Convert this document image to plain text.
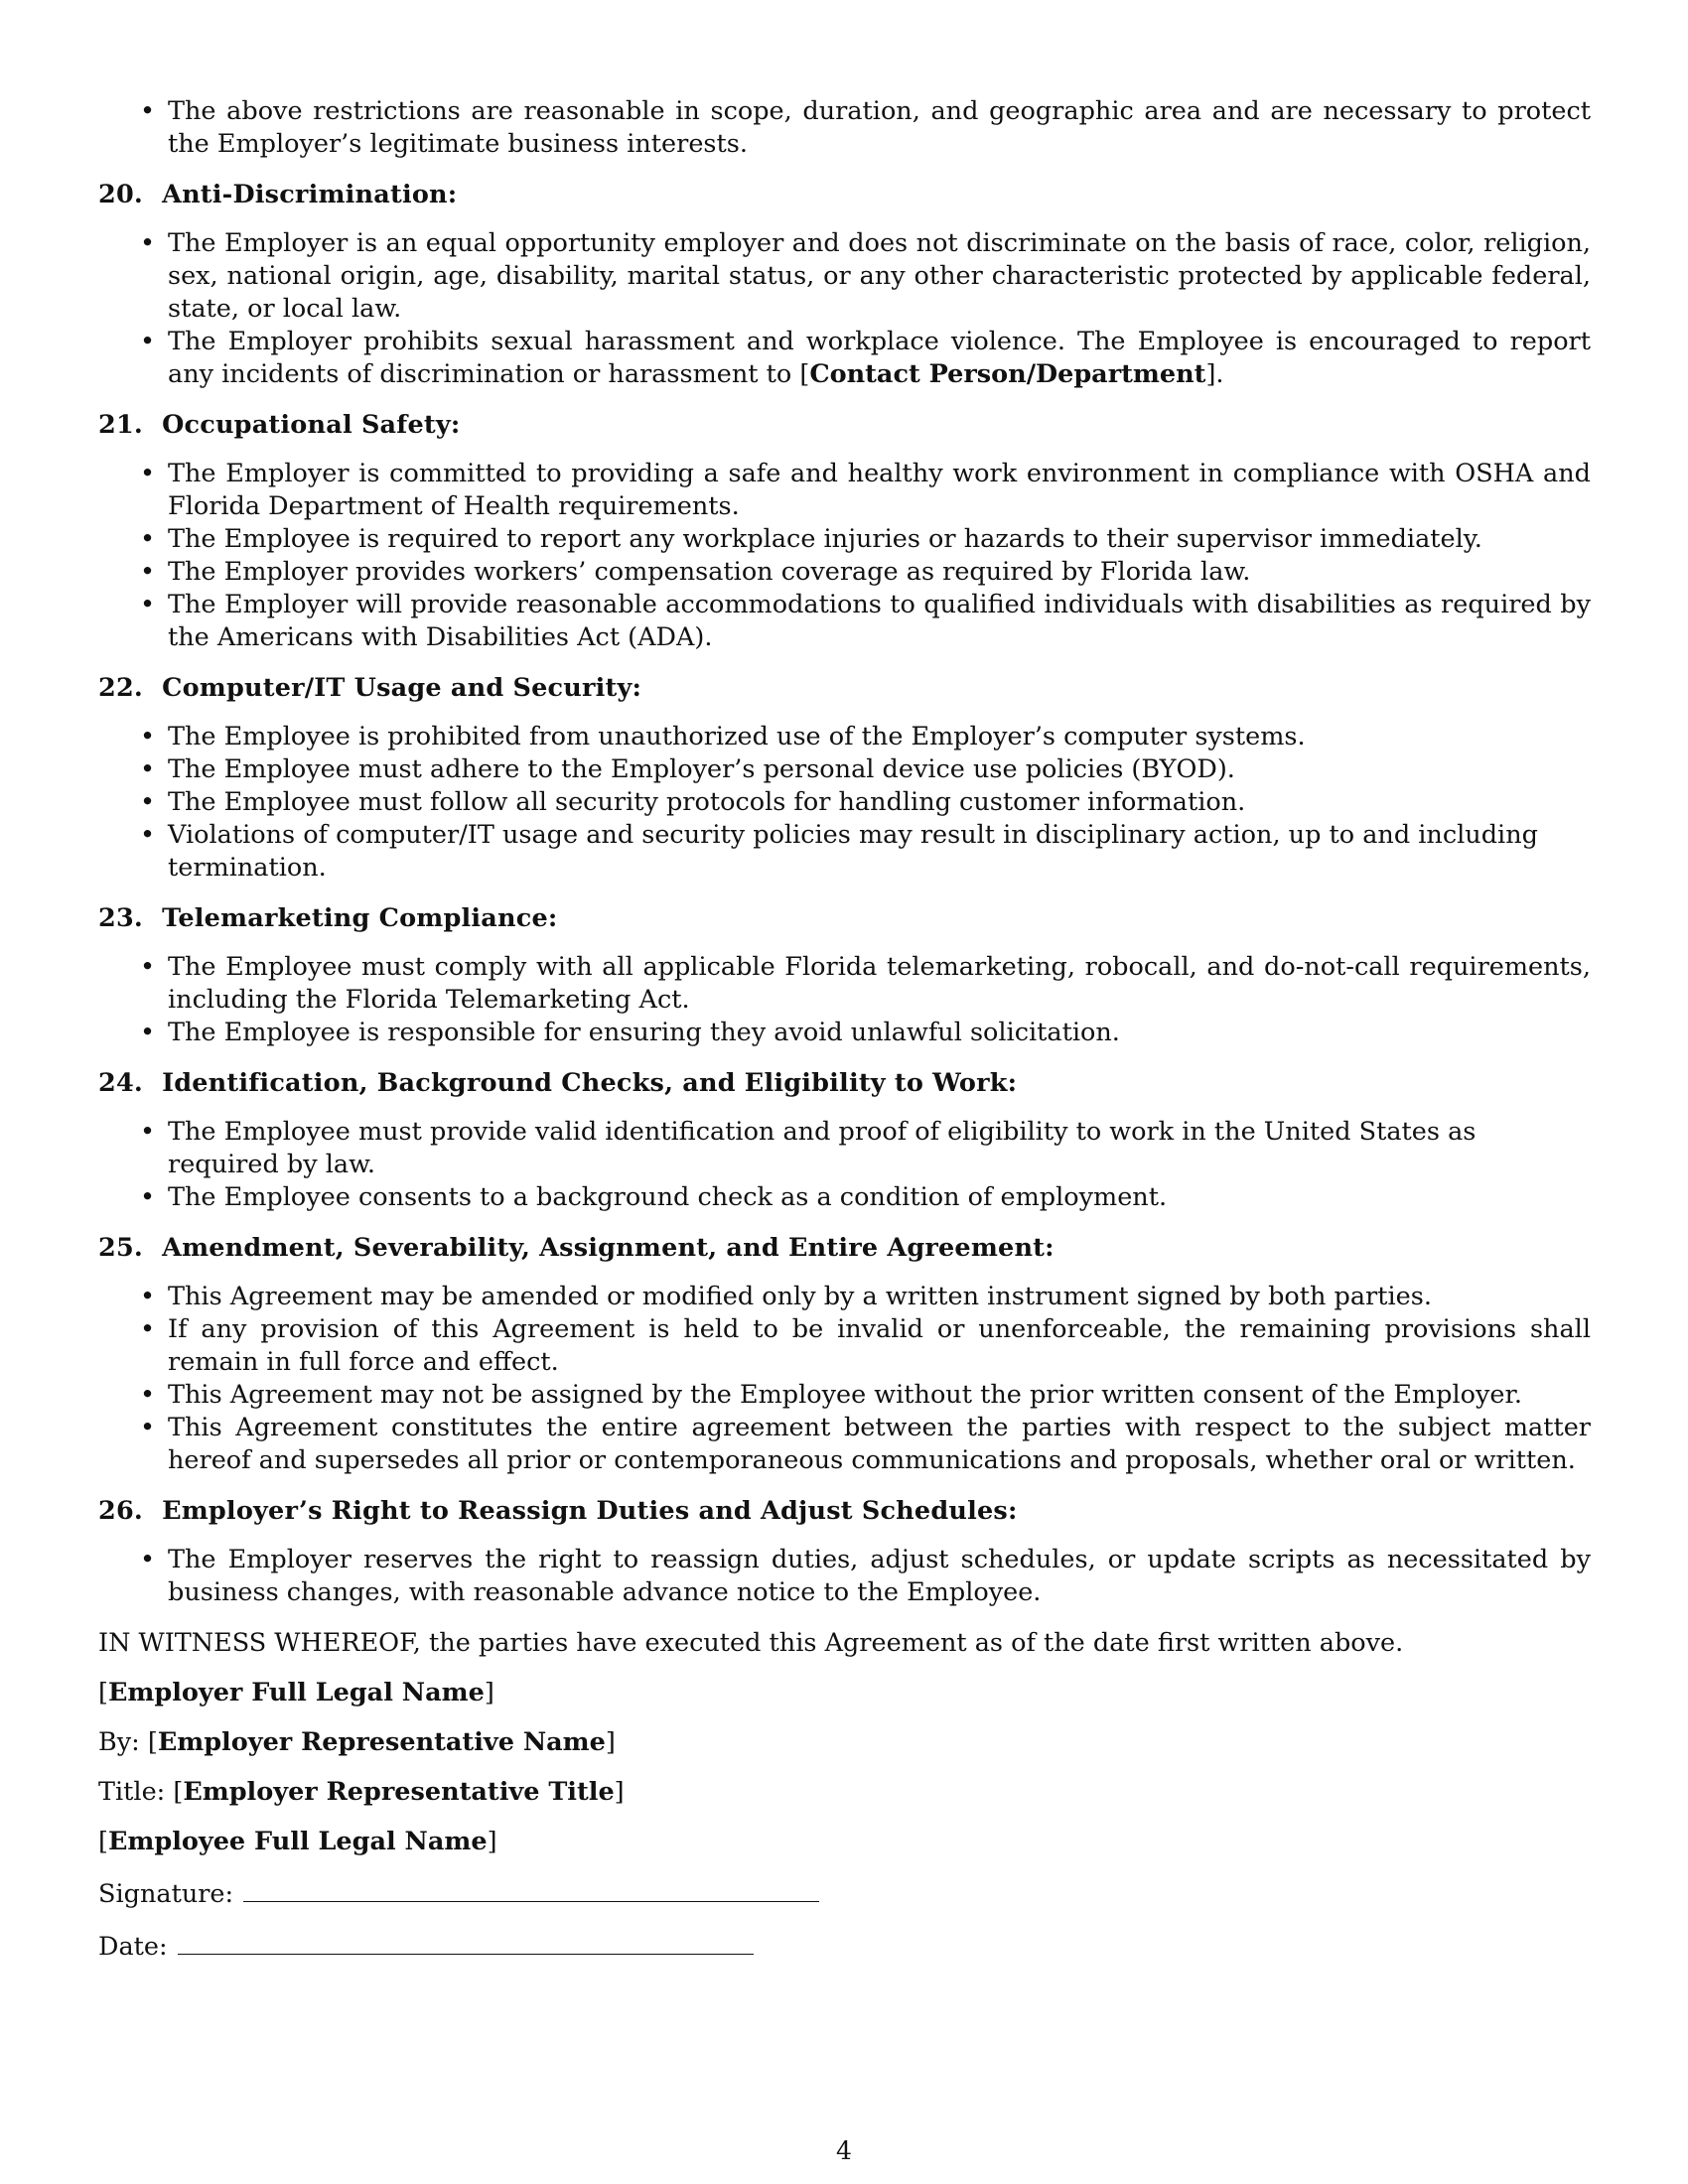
• The above restrictions are reasonable in scope, duration, and geographic area and are necessary to protect the Employer’s legitimate business interests.
20. Anti-Discrimination:
• The Employer is an equal opportunity employer and does not discriminate on the basis of race, color, religion, sex, national origin, age, disability, marital status, or any other characteristic protected by applicable federal, state, or local law.
• The Employer prohibits sexual harassment and workplace violence. The Employee is encouraged to report any incidents of discrimination or harassment to [Contact Person/Department].
21. Occupational Safety:
• The Employer is committed to providing a safe and healthy work environment in compliance with OSHA and Florida Department of Health requirements.
• The Employee is required to report any workplace injuries or hazards to their supervisor immediately.
• The Employer provides workers’ compensation coverage as required by Florida law.
• The Employer will provide reasonable accommodations to qualified individuals with disabilities as required by the Americans with Disabilities Act (ADA).
22. Computer/IT Usage and Security:
• The Employee is prohibited from unauthorized use of the Employer’s computer systems.
• The Employee must adhere to the Employer’s personal device use policies (BYOD).
• The Employee must follow all security protocols for handling customer information.
• Violations of computer/IT usage and security policies may result in disciplinary action, up to and including termination.
23. Telemarketing Compliance:
• The Employee must comply with all applicable Florida telemarketing, robocall, and do-not-call requirements, including the Florida Telemarketing Act.
• The Employee is responsible for ensuring they avoid unlawful solicitation.
24. Identification, Background Checks, and Eligibility to Work:
• The Employee must provide valid identification and proof of eligibility to work in the United States as required by law.
• The Employee consents to a background check as a condition of employment.
25. Amendment, Severability, Assignment, and Entire Agreement:
• This Agreement may be amended or modified only by a written instrument signed by both parties.
• If any provision of this Agreement is held to be invalid or unenforceable, the remaining provisions shall remain in full force and effect.
• This Agreement may not be assigned by the Employee without the prior written consent of the Employer.
• This Agreement constitutes the entire agreement between the parties with respect to the subject matter hereof and supersedes all prior or contemporaneous communications and proposals, whether oral or written.
26. Employer’s Right to Reassign Duties and Adjust Schedules:
• The Employer reserves the right to reassign duties, adjust schedules, or update scripts as necessitated by business changes, with reasonable advance notice to the Employee.

IN WITNESS WHEREOF, the parties have executed this Agreement as of the date first written above.

[Employer Full Legal Name]

By: [Employer Representative Name]

Title: [Employer Representative Title]

[Employee Full Legal Name]

Signature:

Date:

4
